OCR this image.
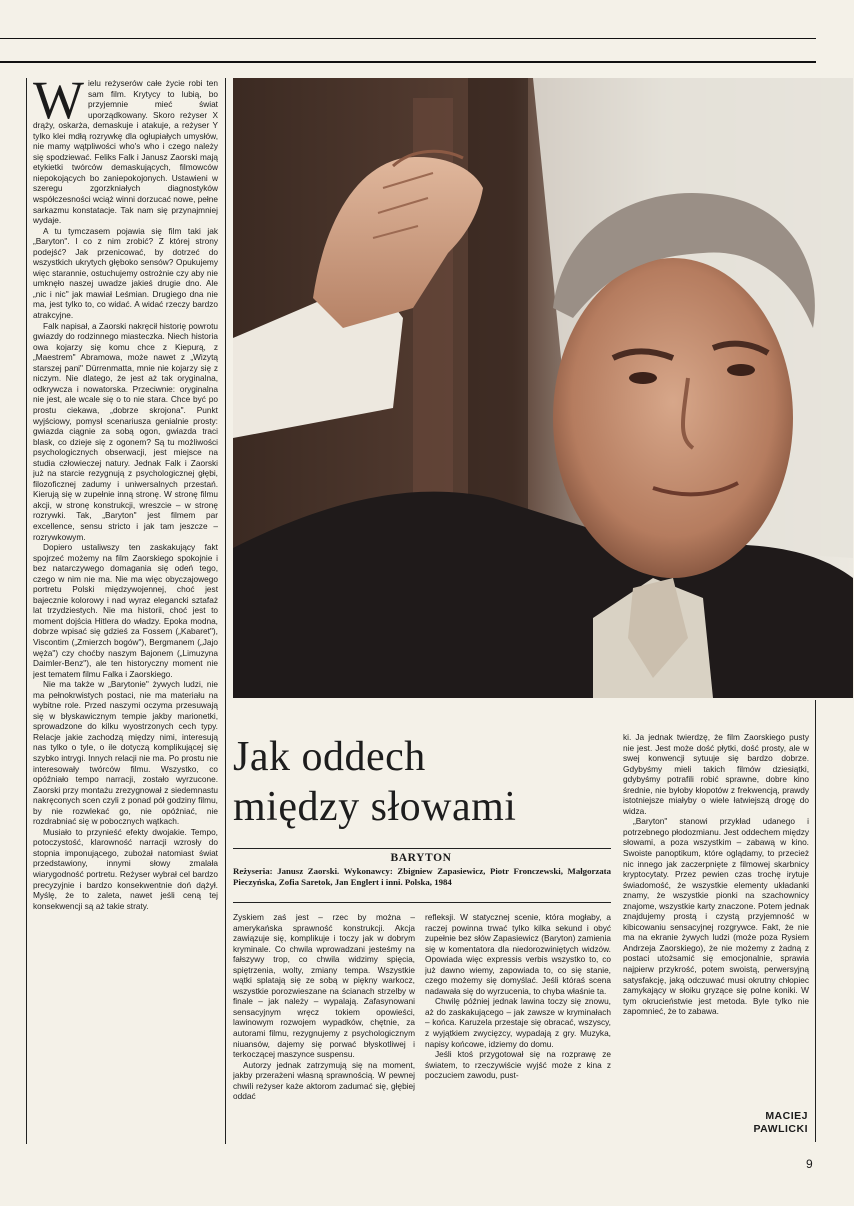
Wielu reżyserów całe życie robi ten sam film. Krytycy to lubią, bo przyjemnie mieć świat uporządkowany. Skoro reżyser X drąży, oskarża, demaskuje i atakuje, a reżyser Y tylko klei mdłą rozrywkę dla ogłupiałych umysłów, nie mamy wątpliwości who's who i czego należy się spodziewać. Feliks Falk i Janusz Zaorski mają etykietki twórców demaskujących, filmowców niepokojących bo zaniepokojonych. Ustawieni w szeregu zgorzkniałych diagnostyków współczesności wciąż winni dorzucać nowe, pełne sarkazmu konstatacje. Tak nam się przynajmniej wydaje.

A tu tymczasem pojawia się film taki jak „Baryton". I co z nim zrobić? Z której strony podejść? Jak przenicować, by dotrzeć do wszystkich ukrytych głęboko sensów? Opukujemy więc starannie, ostuchujemy ostrożnie czy aby nie umknęło naszej uwadze jakieś drugie dno. Ale „nic i nic" jak mawiał Leśmian. Drugiego dna nie ma, jest tylko to, co widać. A widać rzeczy bardzo atrakcyjne.

Falk napisał, a Zaorski nakręcił historię powrotu gwiazdy do rodzinnego miasteczka. Niech historia owa kojarzy się komu chce z Kiepurą, z „Maestrem" Abramowa, może nawet z „Wizytą starszej pani" Dürrenmatta, mnie nie kojarzy się z niczym. Nie dlatego, że jest aż tak oryginalna, odkrywcza i nowatorska. Przeciwnie: oryginalna nie jest, ale wcale się o to nie stara. Chce być po prostu ciekawa, „dobrze skrojona". Punkt wyjściowy, pomysł scenariusza genialnie prosty: gwiazda ciągnie za sobą ogon, gwiazda traci blask, co dzieje się z ogonem? Są tu możliwości psychologicznych obserwacji, jest miejsce na studia człowieczej natury. Jednak Falk i Zaorski już na starcie rezygnują z psychologicznej głębi, filozoficznej zadumy i uniwersalnych przestań. Kierują się w zupełnie inną stronę. W stronę filmu akcji, w stronę konstrukcji, wreszcie – w stronę rozrywki. Tak, „Baryton" jest filmem par excellence, sensu stricto i jak tam jeszcze – rozrywkowym.

Dopiero ustaliwszy ten zaskakujący fakt spojrzeć możemy na film Zaorskiego spokojnie i bez natarczywego domagania się odeń tego, czego w nim nie ma. Nie ma więc obyczajowego portretu Polski międzywojennej, choć jest bajecznie kolorowy i nad wyraz elegancki sztafaż lat trzydziestych. Nie ma historii, choć jest to moment dojścia Hitlera do władzy. Epoka modna, dobrze wpisać się gdzieś za Fossem („Kabaret"), Viscontim („Zmierzch bogów"), Bergmanem („Jajo węża") czy choćby naszym Bajonem („Limuzyna Daimler-Benz"), ale ten historyczny moment nie jest tematem filmu Falka i Zaorskiego.

Nie ma także w „Barytonie" żywych ludzi, nie ma pełnokrwistych postaci, nie ma materiału na wybitne role. Przed naszymi oczyma przesuwają się w błyskawicznym tempie jakby marionetki, sprowadzone do kilku wyostrzonych cech typy. Relacje jakie zachodzą między nimi, interesują nas tylko o tyle, o ile dotyczą komplikującej się szybko intrygi. Innych relacji nie ma. Po prostu nie interesowały twórców filmu. Wszystko, co opóźniało tempo narracji, zostało wyrzucone. Zaorski przy montażu zrezygnował z siedemnastu nakręconych scen czyli z ponad pół godziny filmu, by nie rozwlekać go, nie opóźniać, nie rozdrabniać się w pobocznych wątkach.

Musiało to przynieść efekty dwojakie. Tempo, potoczystość, klarowność narracji wzrosły do stopnia imponującego, zubożał natomiast świat przedstawiony, innymi słowy zmalała wiarygodność portretu. Reżyser wybrał cel bardzo precyzyjnie i bardzo konsekwentnie doń dążył. Myślę, że to zaleta, nawet jeśli ceną tej konsekwencji są aż takie straty.

Jak oddech
między słowami
BARYTON
Reżyseria: Janusz Zaorski. Wykonawcy: Zbigniew Zapasiewicz, Piotr Fronczewski, Małgorzata Pieczyńska, Zofia Saretok, Jan Englert i inni. Polska, 1984

Zyskiem zaś jest – rzec by można – amerykańska sprawność konstrukcji. Akcja zawiązuje się, komplikuje i toczy jak w dobrym kryminale. Co chwila wprowadzani jesteśmy na fałszywy trop, co chwila widzimy spięcia, spiętrzenia, wolty, zmiany tempa. Wszystkie wątki splatają się ze sobą w piękny warkocz, wszystkie porozwieszane na ścianach strzelby w finale – jak należy – wypalają. Zafasynowani sensacyjnym wręcz tokiem opowieści, lawinowym rozwojem wypadków, chętnie, za autorami filmu, rezygnujemy z psychologicznym niuansów, dajemy się porwać błyskotliwej i terkoczącej maszynce suspensu.

Autorzy jednak zatrzymują się na moment, jakby przerażeni własną sprawnością. W pewnej chwili reżyser każe aktorom zadumać się, głębiej oddać

refleksji. W statycznej scenie, która mogłaby, a raczej powinna trwać tylko kilka sekund i obyć zupełnie bez słów Zapasiewicz (Baryton) zamienia się w komentatora dla niedorozwiniętych widzów. Opowiada więc expressis verbis wszystko to, co już dawno wiemy, zapowiada to, co się stanie, czego możemy się domyślać. Jeśli któraś scena nadawała się do wyrzucenia, to chyba właśnie ta.

Chwilę później jednak lawina toczy się znowu, aż do zaskakującego – jak zawsze w kryminałach – końca. Karuzela przestaje się obracać, wszyscy, z wyjątkiem zwycięzcy, wypadają z gry. Muzyka, napisy końcowe, idziemy do domu.

Jeśli ktoś przygotował się na rozprawę ze światem, to rzeczywiście wyjść może z kina z poczuciem zawodu, pust-

ki. Ja jednak twierdzę, że film Zaorskiego pusty nie jest. Jest może dość płytki, dość prosty, ale w swej konwencji sytuuje się bardzo dobrze. Gdybyśmy mieli takich filmów dziesiątki, gdybyśmy potrafili robić sprawne, dobre kino średnie, nie byłoby kłopotów z frekwencją, prawdy istotniejsze miałyby o wiele łatwiejszą drogę do widza.

„Baryton" stanowi przykład udanego i potrzebnego płodozmianu. Jest oddechem między słowami, a poza wszystkim – zabawą w kino. Swoiste panoptikum, które oglądamy, to przecież nic innego jak zaczerpnięte z filmowej skarbnicy kryptocytaty. Przez pewien czas trochę irytuje świadomość, że wszystkie elementy układanki znamy, że wszystkie pionki na szachownicy znajome, wszystkie karty znaczone. Potem jednak znajdujemy prostą i czystą przyjemność w kibicowaniu sensacyjnej rozgrywce. Fakt, że nie ma na ekranie żywych ludzi (może poza Rysiem Andrzeja Zaorskiego), że nie możemy z żadną z postaci utożsamić się emocjonalnie, sprawia najpierw przykrość, potem swoistą, perwersyjną satysfakcję, jaką odczuwać musi okrutny chłopiec zamykający w słoiku gryzące się polne koniki. W tym okrucieństwie jest metoda. Byle tylko nie zapomnieć, że to zabawa.

MACIEJ
PAWLICKI
9
